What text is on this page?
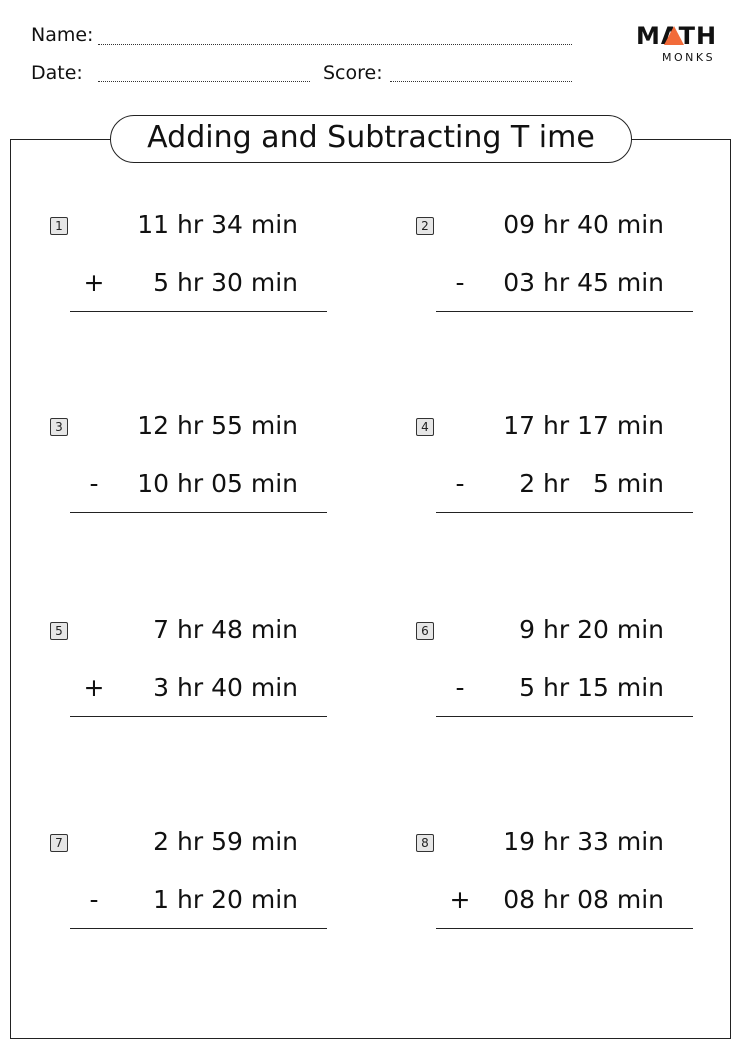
Name:
Date:	Score:
MATH
MONKS
Adding and Subtracting T ime
1	11 hr 34 min
+	5 hr 30 min
2	09 hr 40 min
-	03 hr 45 min
3	12 hr 55 min
-	10 hr 05 min
4	17 hr 17 min
-	2 hr   5 min
5	7 hr 48 min
+	3 hr 40 min
6	9 hr 20 min
-	5 hr 15 min
7	2 hr 59 min
-	1 hr 20 min
8	19 hr 33 min
+	08 hr 08 min
